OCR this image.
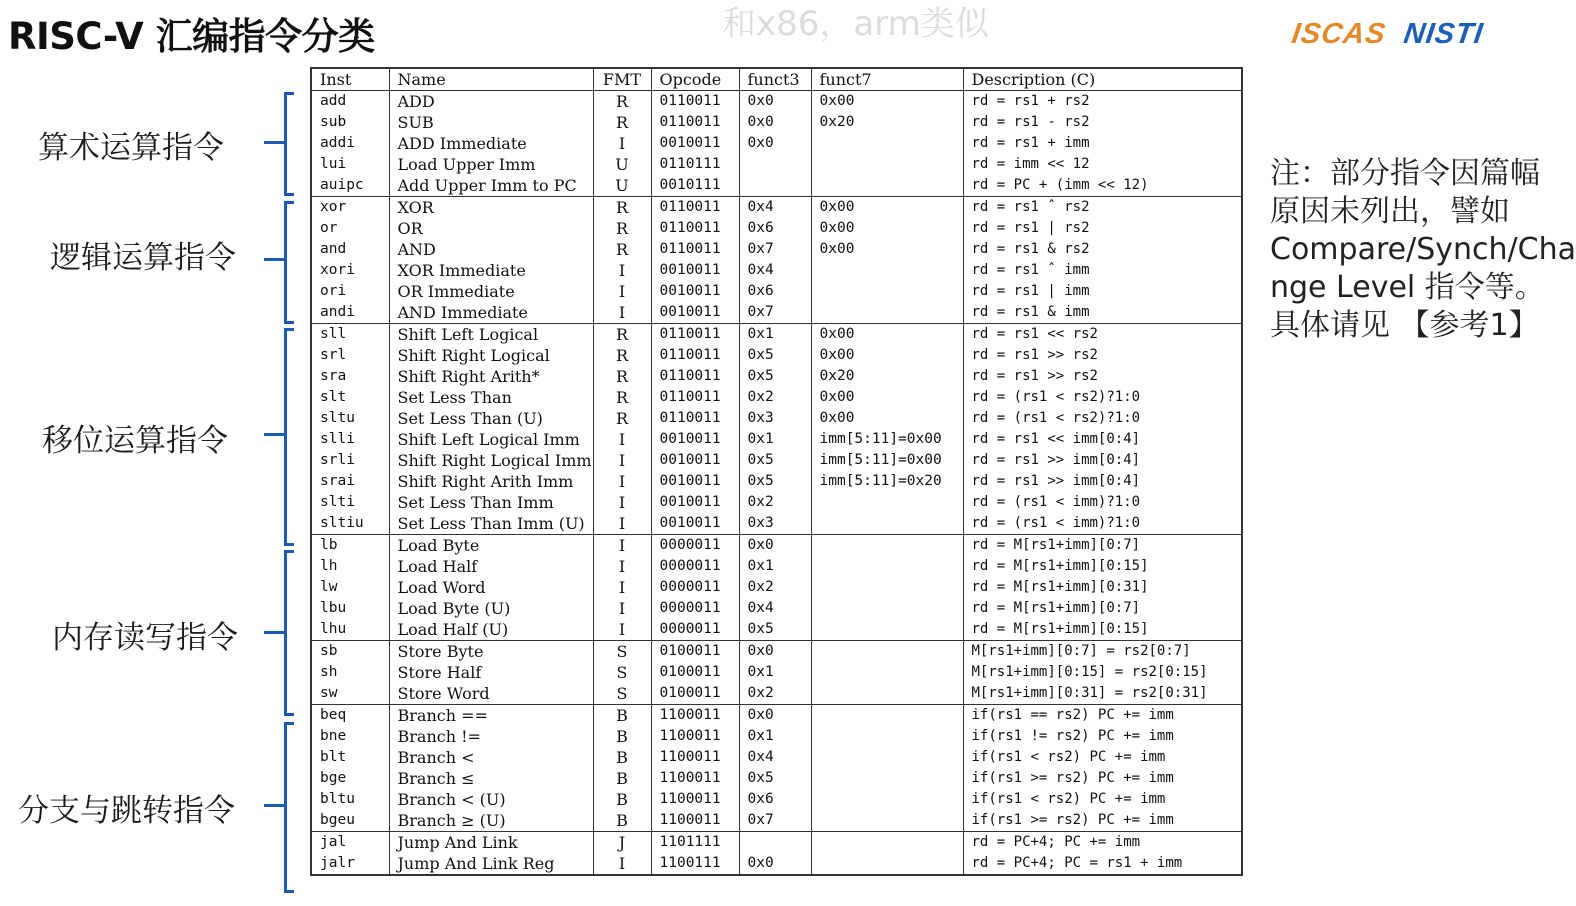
RISC-V 汇编指令分类	和x86，arm类似	ISCAS NISTI
注：部分指令因篇幅
原因未列出，譬如
Compare/Synch/Cha
nge Level 指令等。
具体请见 【参考1】
算术运算指令
逻辑运算指令
移位运算指令
内存读写指令
分支与跳转指令
Inst	Name	FMT	Opcode	funct3	funct7	Description (C)
add	ADD	R	0110011	0x0	0x00	rd = rs1 + rs2
sub	SUB	R	0110011	0x0	0x20	rd = rs1 - rs2
addi	ADD Immediate	I	0010011	0x0		rd = rs1 + imm
lui	Load Upper Imm	U	0110111			rd = imm << 12
auipc	Add Upper Imm to PC	U	0010111			rd = PC + (imm << 12)
xor	XOR	R	0110011	0x4	0x00	rd = rs1 ˆ rs2
or	OR	R	0110011	0x6	0x00	rd = rs1 | rs2
and	AND	R	0110011	0x7	0x00	rd = rs1 & rs2
xori	XOR Immediate	I	0010011	0x4		rd = rs1 ˆ imm
ori	OR Immediate	I	0010011	0x6		rd = rs1 | imm
andi	AND Immediate	I	0010011	0x7		rd = rs1 & imm
sll	Shift Left Logical	R	0110011	0x1	0x00	rd = rs1 << rs2
srl	Shift Right Logical	R	0110011	0x5	0x00	rd = rs1 >> rs2
sra	Shift Right Arith*	R	0110011	0x5	0x20	rd = rs1 >> rs2
slt	Set Less Than	R	0110011	0x2	0x00	rd = (rs1 < rs2)?1:0
sltu	Set Less Than (U)	R	0110011	0x3	0x00	rd = (rs1 < rs2)?1:0
slli	Shift Left Logical Imm	I	0010011	0x1	imm[5:11]=0x00	rd = rs1 << imm[0:4]
srli	Shift Right Logical Imm	I	0010011	0x5	imm[5:11]=0x00	rd = rs1 >> imm[0:4]
srai	Shift Right Arith Imm	I	0010011	0x5	imm[5:11]=0x20	rd = rs1 >> imm[0:4]
slti	Set Less Than Imm	I	0010011	0x2		rd = (rs1 < imm)?1:0
sltiu	Set Less Than Imm (U)	I	0010011	0x3		rd = (rs1 < imm)?1:0
lb	Load Byte	I	0000011	0x0		rd = M[rs1+imm][0:7]
lh	Load Half	I	0000011	0x1		rd = M[rs1+imm][0:15]
lw	Load Word	I	0000011	0x2		rd = M[rs1+imm][0:31]
lbu	Load Byte (U)	I	0000011	0x4		rd = M[rs1+imm][0:7]
lhu	Load Half (U)	I	0000011	0x5		rd = M[rs1+imm][0:15]
sb	Store Byte	S	0100011	0x0		M[rs1+imm][0:7] = rs2[0:7]
sh	Store Half	S	0100011	0x1		M[rs1+imm][0:15] = rs2[0:15]
sw	Store Word	S	0100011	0x2		M[rs1+imm][0:31] = rs2[0:31]
beq	Branch ==	B	1100011	0x0		if(rs1 == rs2) PC += imm
bne	Branch !=	B	1100011	0x1		if(rs1 != rs2) PC += imm
blt	Branch <	B	1100011	0x4		if(rs1 < rs2) PC += imm
bge	Branch ≤	B	1100011	0x5		if(rs1 >= rs2) PC += imm
bltu	Branch < (U)	B	1100011	0x6		if(rs1 < rs2) PC += imm
bgeu	Branch ≥ (U)	B	1100011	0x7		if(rs1 >= rs2) PC += imm
jal	Jump And Link	J	1101111			rd = PC+4; PC += imm
jalr	Jump And Link Reg	I	1100111	0x0		rd = PC+4; PC = rs1 + imm
